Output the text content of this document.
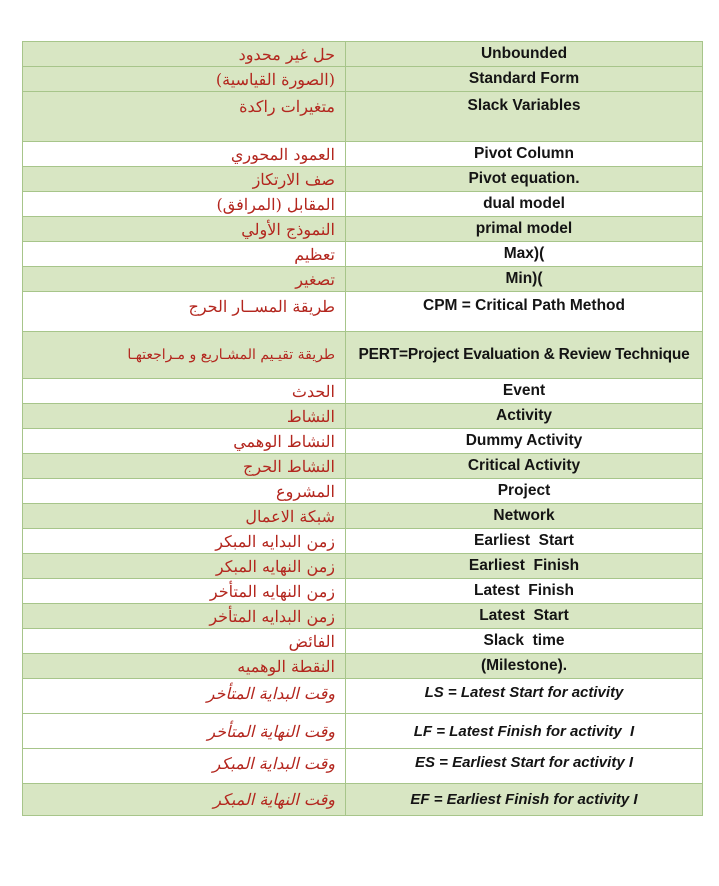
حل غير محدود	Unbounded
(الصورة القياسية)	Standard Form
متغيرات راكدة	Slack Variables
العمود المحوري	Pivot Column
صف الارتكاز	Pivot equation.
المقابل (المرافق)	dual model
النموذج الأولي	primal model
تعظيم	Max)(
تصغير	Min)(
طريقة المســار الحرج	CPM = Critical Path Method
طريقة تقيـيم المشـاريع و مـراجعتهـا	PERT=Project Evaluation & Review Technique
الحدث	Event
النشاط	Activity
النشاط الوهمي	Dummy Activity
النشاط الحرج	Critical Activity
المشروع	Project
شبكة الاعمال	Network
زمن البدايه المبكر	Earliest  Start
زمن النهايه المبكر	Earliest  Finish
زمن النهايه المتأخر	Latest  Finish
زمن البدايه المتأخر	Latest  Start
الفائض	Slack  time
النقطة الوهميه	(Milestone).
وقت البداية المتأخر	LS = Latest Start for activity
وقت النهاية المتأخر	LF = Latest Finish for activity  I
وقت البداية المبكر	ES = Earliest Start for activity I
وقت النهاية المبكر	EF = Earliest Finish for activity I
